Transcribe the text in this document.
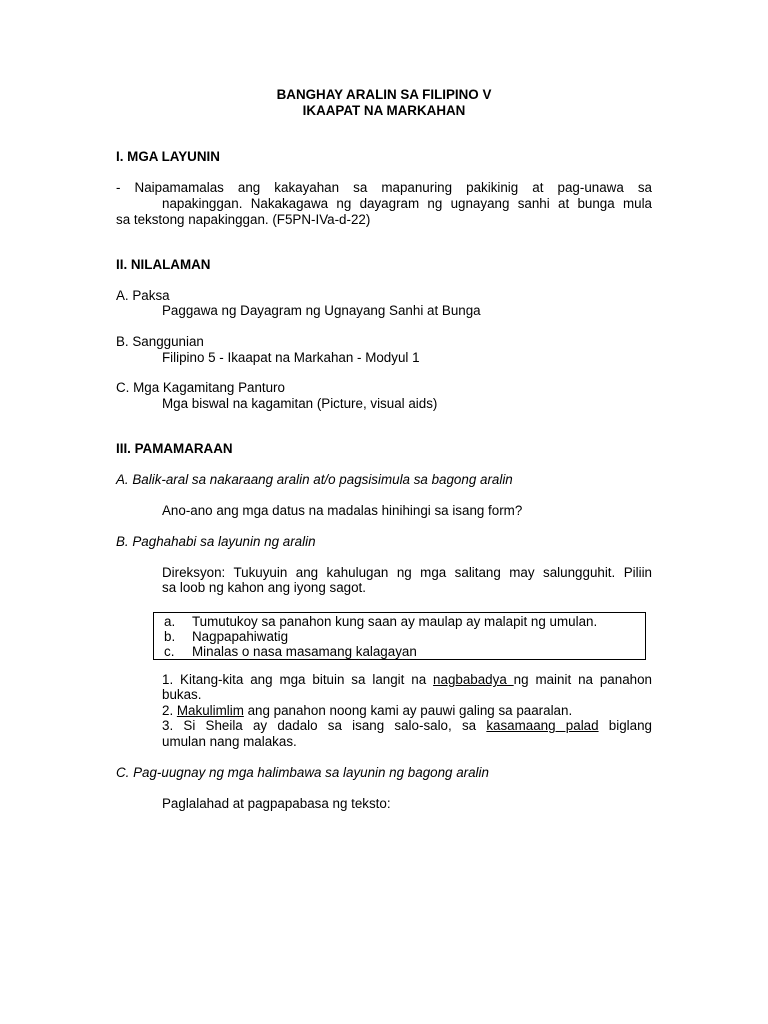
BANGHAY ARALIN SA FILIPINO V
IKAAPAT NA MARKAHAN
I. MGA LAYUNIN
- Naipamamalas ang kakayahan sa mapanuring pakikinig at pag-unawa sa
napakinggan. Nakakagawa ng dayagram ng ugnayang sanhi at bunga mula
sa tekstong napakinggan. (F5PN-IVa-d-22)
II. NILALAMAN
A. Paksa
Paggawa ng Dayagram ng Ugnayang Sanhi at Bunga
B. Sanggunian
Filipino 5 - Ikaapat na Markahan - Modyul 1
C. Mga Kagamitang Panturo
Mga biswal na kagamitan (Picture, visual aids)
III. PAMAMARAAN
A. Balik-aral sa nakaraang aralin at/o pagsisimula sa bagong aralin
Ano-ano ang mga datus na madalas hinihingi sa isang form?
B. Paghahabi sa layunin ng aralin
Direksyon: Tukuyuin ang kahulugan ng mga salitang may salungguhit. Piliin
sa loob ng kahon ang iyong sagot.
a. Tumutukoy sa panahon kung saan ay maulap ay malapit ng umulan.
b. Nagpapahiwatig
c. Minalas o nasa masamang kalagayan
1. Kitang-kita ang mga bituin sa langit na nagbabadya ng mainit na panahon
bukas.
2. Makulimlim ang panahon noong kami ay pauwi galing sa paaralan.
3. Si Sheila ay dadalo sa isang salo-salo, sa kasamaang palad biglang
umulan nang malakas.
C. Pag-uugnay ng mga halimbawa sa layunin ng bagong aralin
Paglalahad at pagpapabasa ng teksto:
